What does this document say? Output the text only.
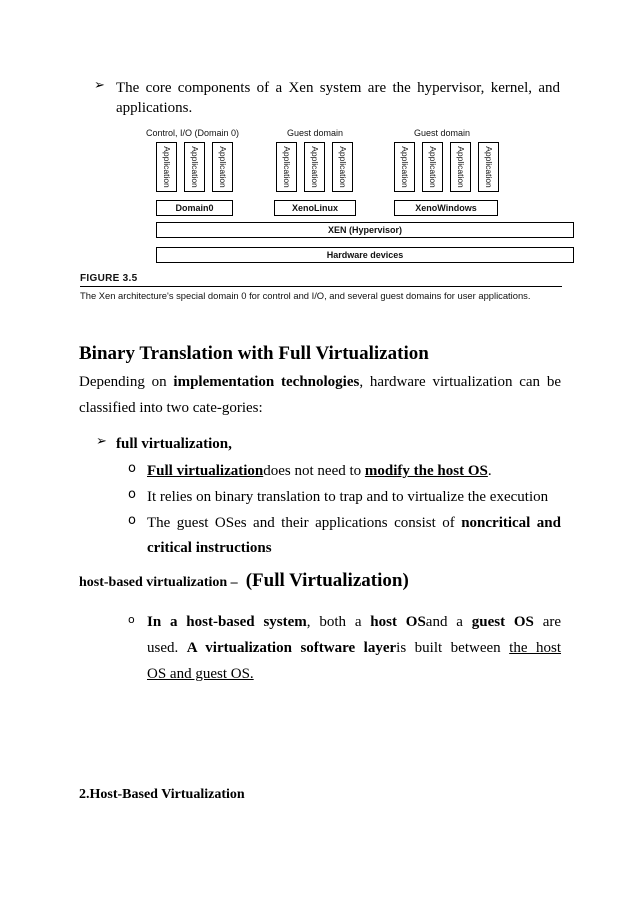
➢ The core components of a Xen system are the hypervisor, kernel, and
applications.
Control, I/O (Domain 0)	Guest domain	Guest domain
Application Application Application	Application Application Application	Application Application Application Application
Domain0	XenoLinux	XenoWindows
XEN (Hypervisor)
Hardware devices
FIGURE 3.5
The Xen architecture's special domain 0 for control and I/O, and several guest domains for user applications.
Binary Translation with Full Virtualization
Depending on implementation technologies, hardware virtualization can be
classified into two cate-gories:
➢ full virtualization,
o Full virtualizationdoes not need to modify the host OS.
o It relies on binary translation to trap and to virtualize the execution
o The guest OSes and their applications consist of noncritical and
critical instructions
host-based virtualization – (Full Virtualization)
o In a host-based system, both a host OSand a guest OS are
used. A virtualization software layeris built between the host
OS and guest OS.
2.Host-Based Virtualization
